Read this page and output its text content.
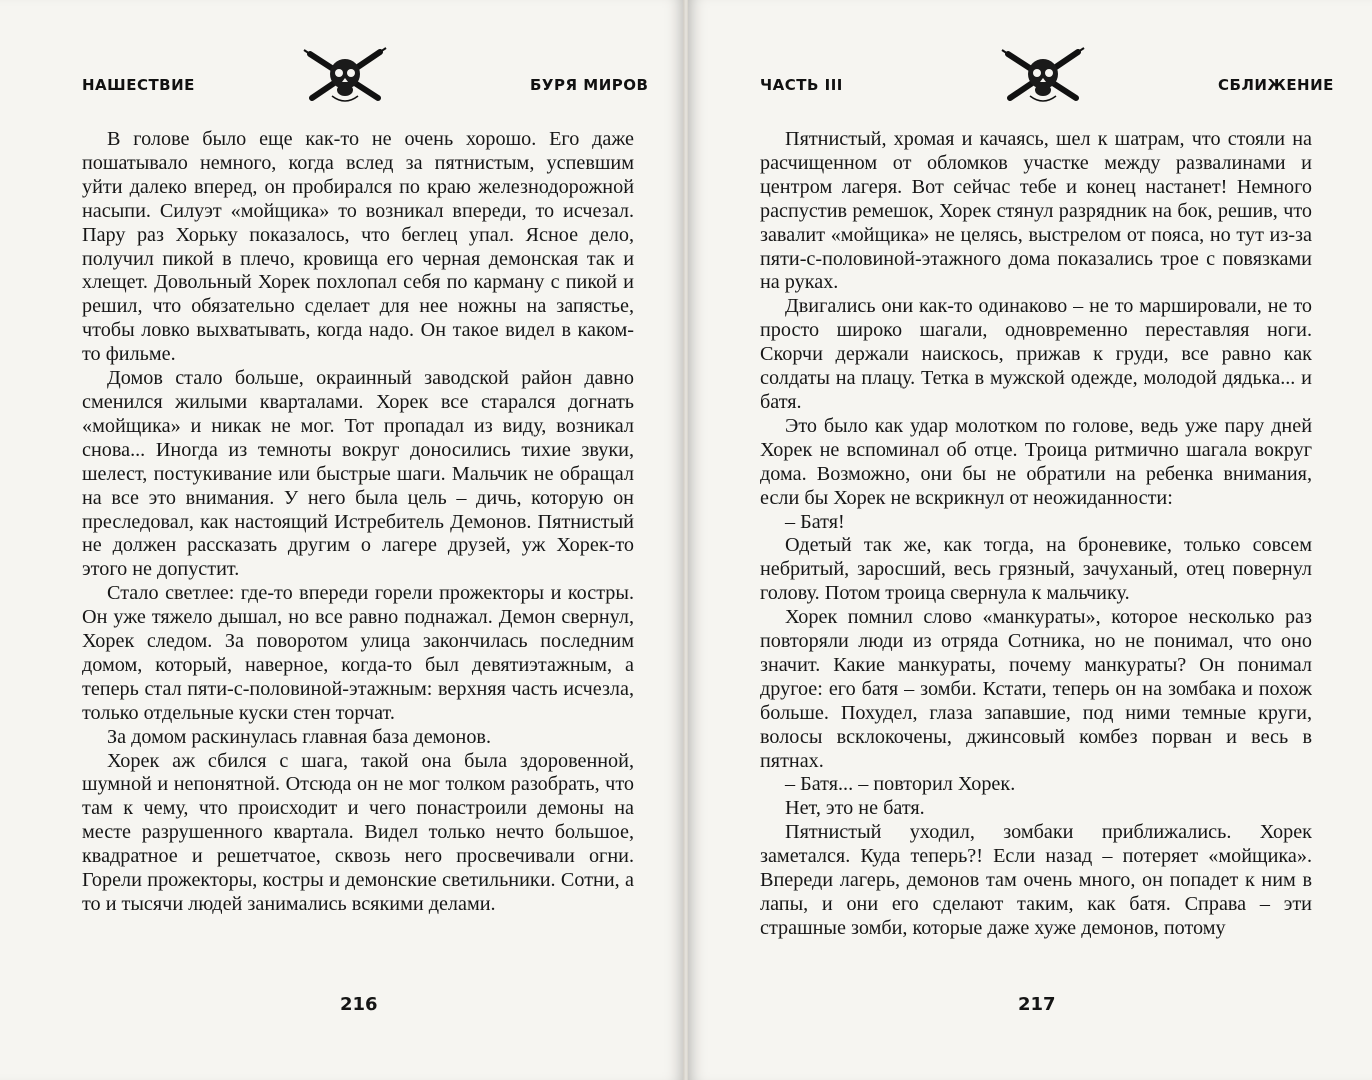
НАШЕСТВИЕ	БУРЯ МИРОВ

В голове было еще как-то не очень хорошо. Его даже пошатывало немного, когда вслед за пятнистым, успевшим уйти далеко вперед, он пробирался по краю железнодорожной насыпи. Силуэт «мойщика» то возникал впереди, то исчезал. Пару раз Хорьку показалось, что беглец упал. Ясное дело, получил пикой в плечо, кровища его черная демонская так и хлещет. Довольный Хорек похлопал себя по карману с пикой и решил, что обязательно сделает для нее ножны на запястье, чтобы ловко выхватывать, когда надо. Он такое видел в каком-то фильме.

Домов стало больше, окраинный заводской район давно сменился жилыми кварталами. Хорек все старался догнать «мойщика» и никак не мог. Тот пропадал из виду, возникал снова... Иногда из темноты вокруг доносились тихие звуки, шелест, постукивание или быстрые шаги. Мальчик не обращал на все это внимания. У него была цель – дичь, которую он преследовал, как настоящий Истребитель Демонов. Пятнистый не должен рассказать другим о лагере друзей, уж Хорек-то этого не допустит.

Стало светлее: где-то впереди горели прожекторы и костры. Он уже тяжело дышал, но все равно поднажал. Демон свернул, Хорек следом. За поворотом улица закончилась последним домом, который, наверное, когда-то был девятиэтажным, а теперь стал пяти-с-половиной-этажным: верхняя часть исчезла, только отдельные куски стен торчат.

За домом раскинулась главная база демонов.

Хорек аж сбился с шага, такой она была здоровенной, шумной и непонятной. Отсюда он не мог толком разобрать, что там к чему, что происходит и чего понастроили демоны на месте разрушенного квартала. Видел только нечто большое, квадратное и решетчатое, сквозь него просвечивали огни. Горели прожекторы, костры и демонские светильники. Сотни, а то и тысячи людей занимались всякими делами.

216
ЧАСТЬ III	СБЛИЖЕНИЕ

Пятнистый, хромая и качаясь, шел к шатрам, что стояли на расчищенном от обломков участке между развалинами и центром лагеря. Вот сейчас тебе и конец настанет! Немного распустив ремешок, Хорек стянул разрядник на бок, решив, что завалит «мойщика» не целясь, выстрелом от пояса, но тут из-за пяти-с-половиной-этажного дома показались трое с повязками на руках.

Двигались они как-то одинаково – не то маршировали, не то просто широко шагали, одновременно переставляя ноги. Скорчи держали наискось, прижав к груди, все равно как солдаты на плацу. Тетка в мужской одежде, молодой дядька... и батя.

Это было как удар молотком по голове, ведь уже пару дней Хорек не вспоминал об отце. Троица ритмично шагала вокруг дома. Возможно, они бы не обратили на ребенка внимания, если бы Хорек не вскрикнул от неожиданности:

– Батя!

Одетый так же, как тогда, на броневике, только совсем небритый, заросший, весь грязный, зачуханый, отец повернул голову. Потом троица свернула к мальчику.

Хорек помнил слово «манкураты», которое несколько раз повторяли люди из отряда Сотника, но не понимал, что оно значит. Какие манкураты, почему манкураты? Он понимал другое: его батя – зомби. Кстати, теперь он на зомбака и похож больше. Похудел, глаза запавшие, под ними темные круги, волосы всклокочены, джинсовый комбез порван и весь в пятнах.

– Батя... – повторил Хорек.

Нет, это не батя.

Пятнистый уходил, зомбаки приближались. Хорек заметался. Куда теперь?! Если назад – потеряет «мойщика». Впереди лагерь, демонов там очень много, он попадет к ним в лапы, и они его сделают таким, как батя. Справа – эти страшные зомби, которые даже хуже демонов, потому

217
